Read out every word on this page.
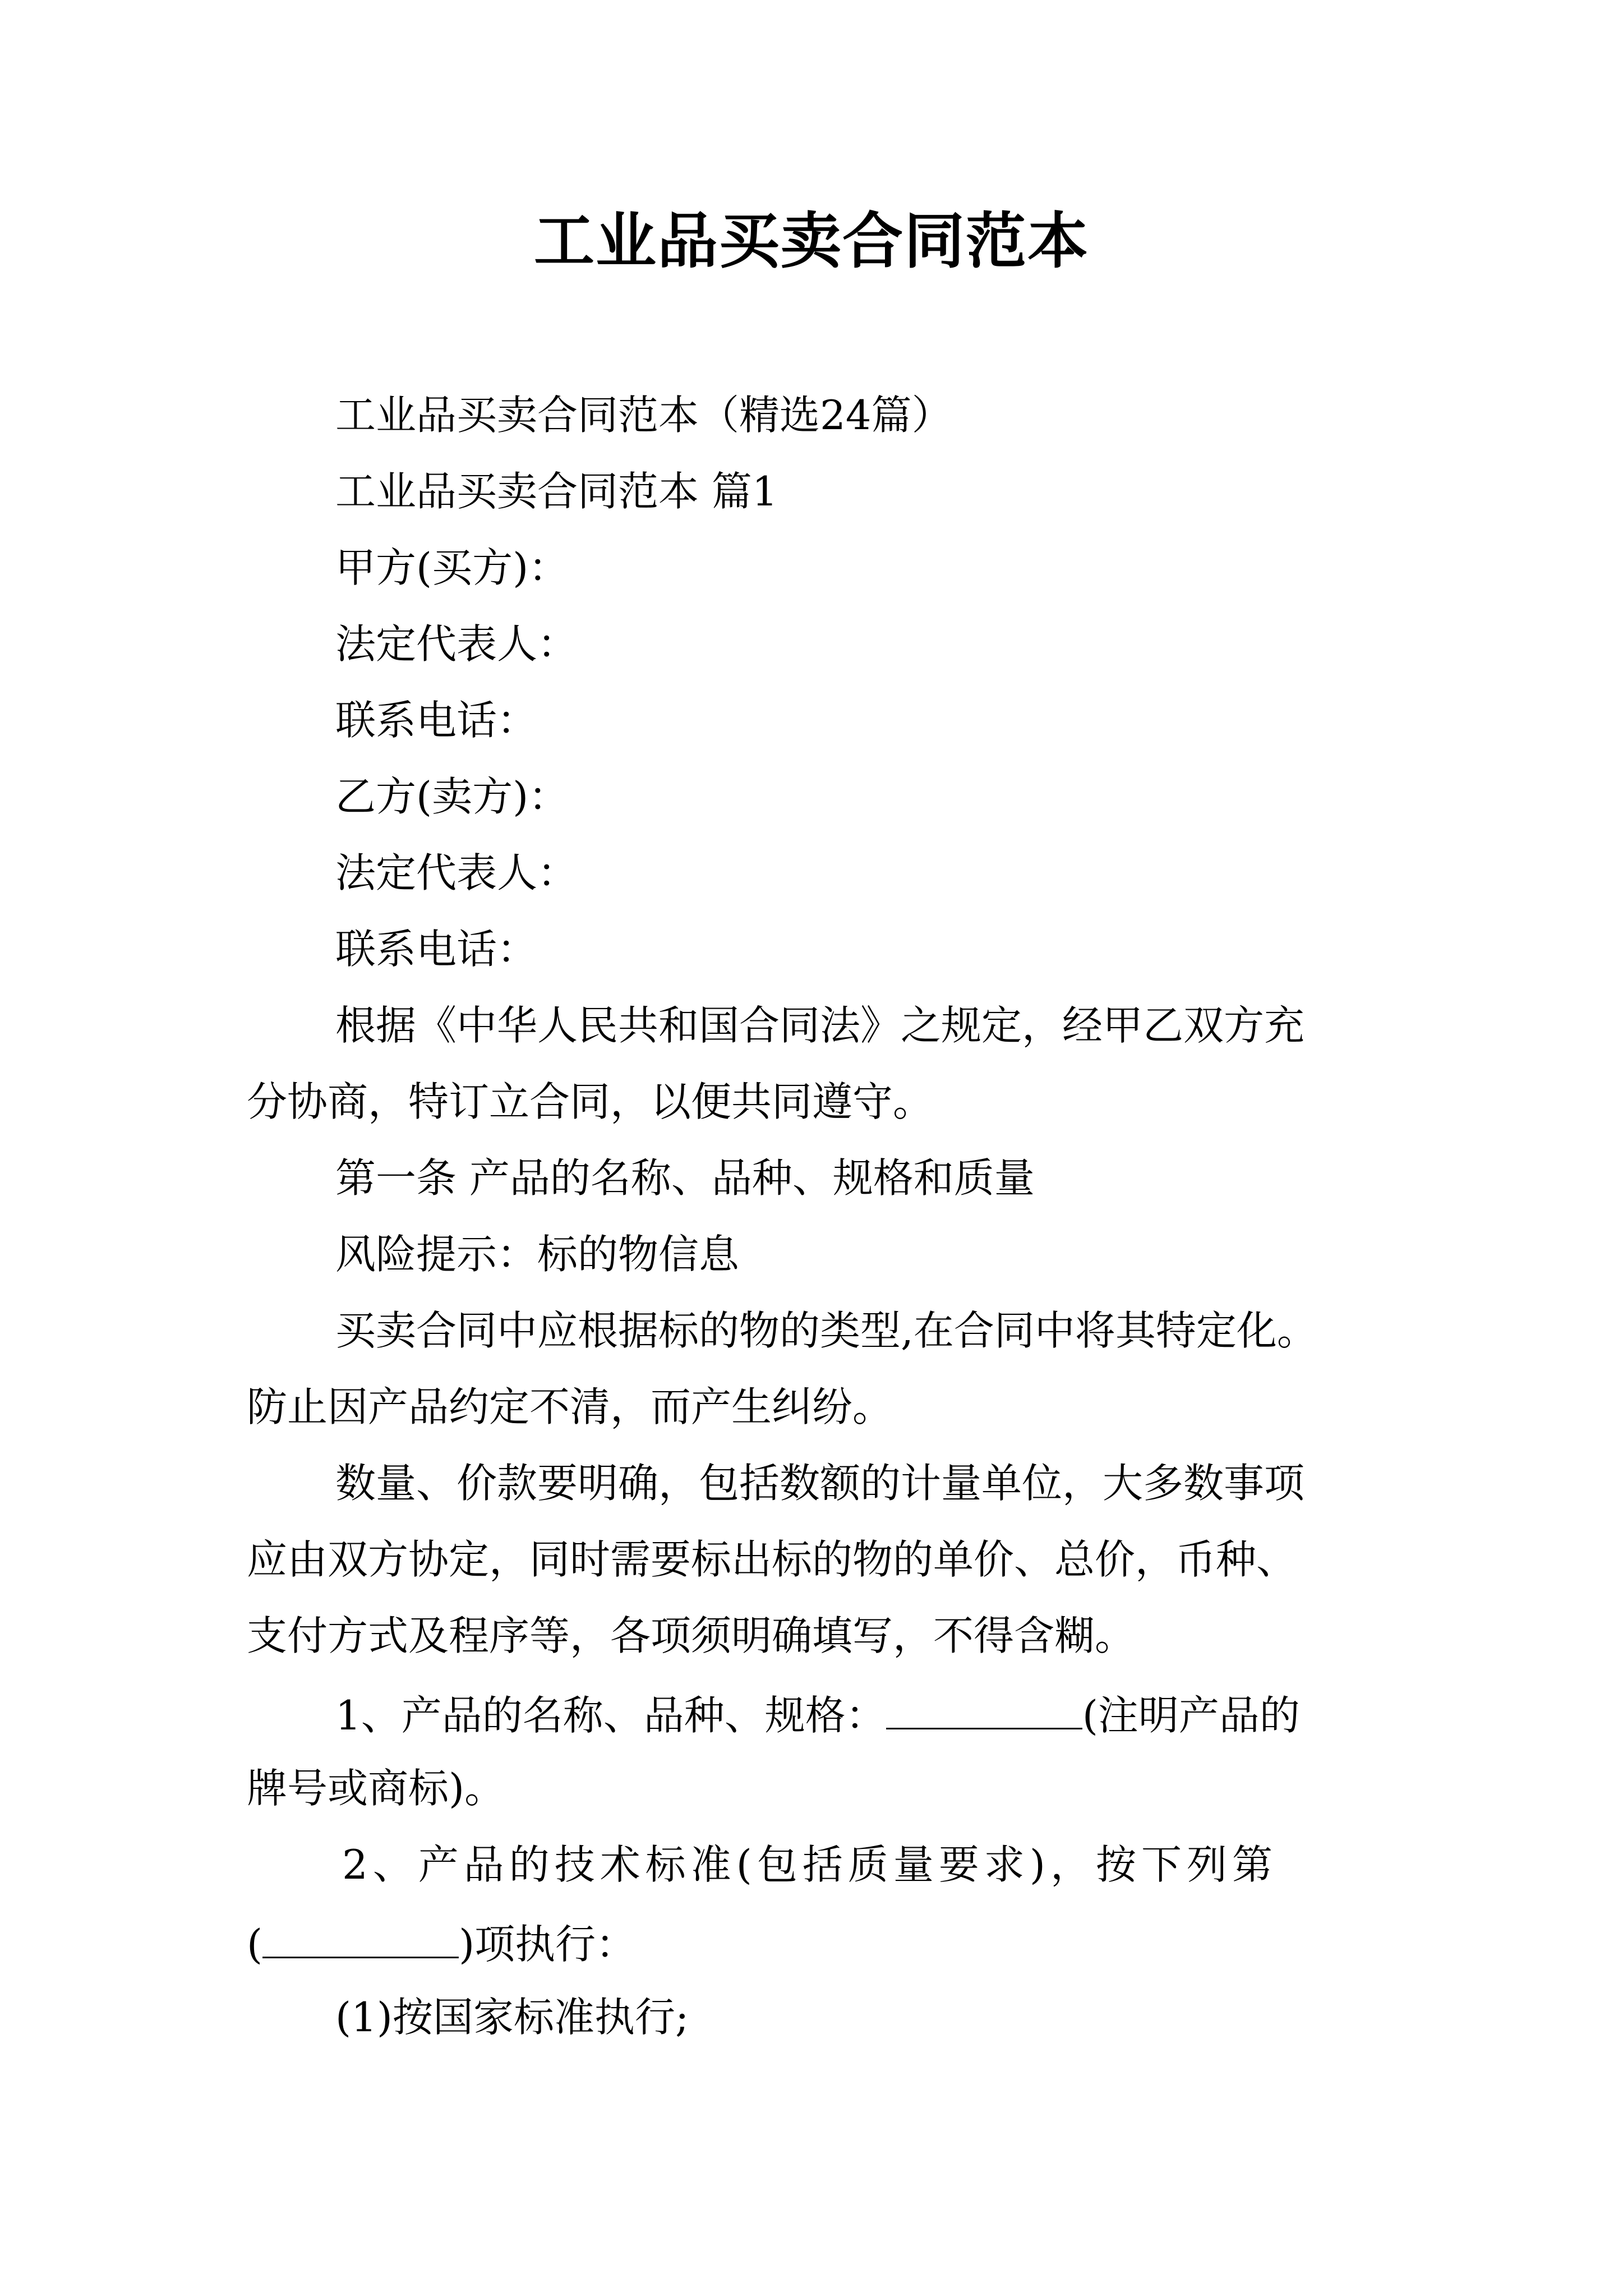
工业品买卖合同范本

工业品买卖合同范本（精选24篇）

工业品买卖合同范本 篇1

甲方(买方)：

法定代表人：

联系电话：

乙方(卖方)：

法定代表人：

联系电话：

根据《中华人民共和国合同法》之规定，经甲乙双方充

分协商，特订立合同，以便共同遵守。

第一条 产品的名称、品种、规格和质量

风险提示：标的物信息

买卖合同中应根据标的物的类型,在合同中将其特定化。

防止因产品约定不清，而产生纠纷。

数量、价款要明确，包括数额的计量单位，大多数事项

应由双方协定，同时需要标出标的物的单价、总价，币种、

支付方式及程序等，各项须明确填写，不得含糊。

1、产品的名称、品种、规格：	(注明产品的

牌号或商标)。

2、产品的技术标准(包括质量要求)，按下列第

(	)项执行：

(1)按国家标准执行;
